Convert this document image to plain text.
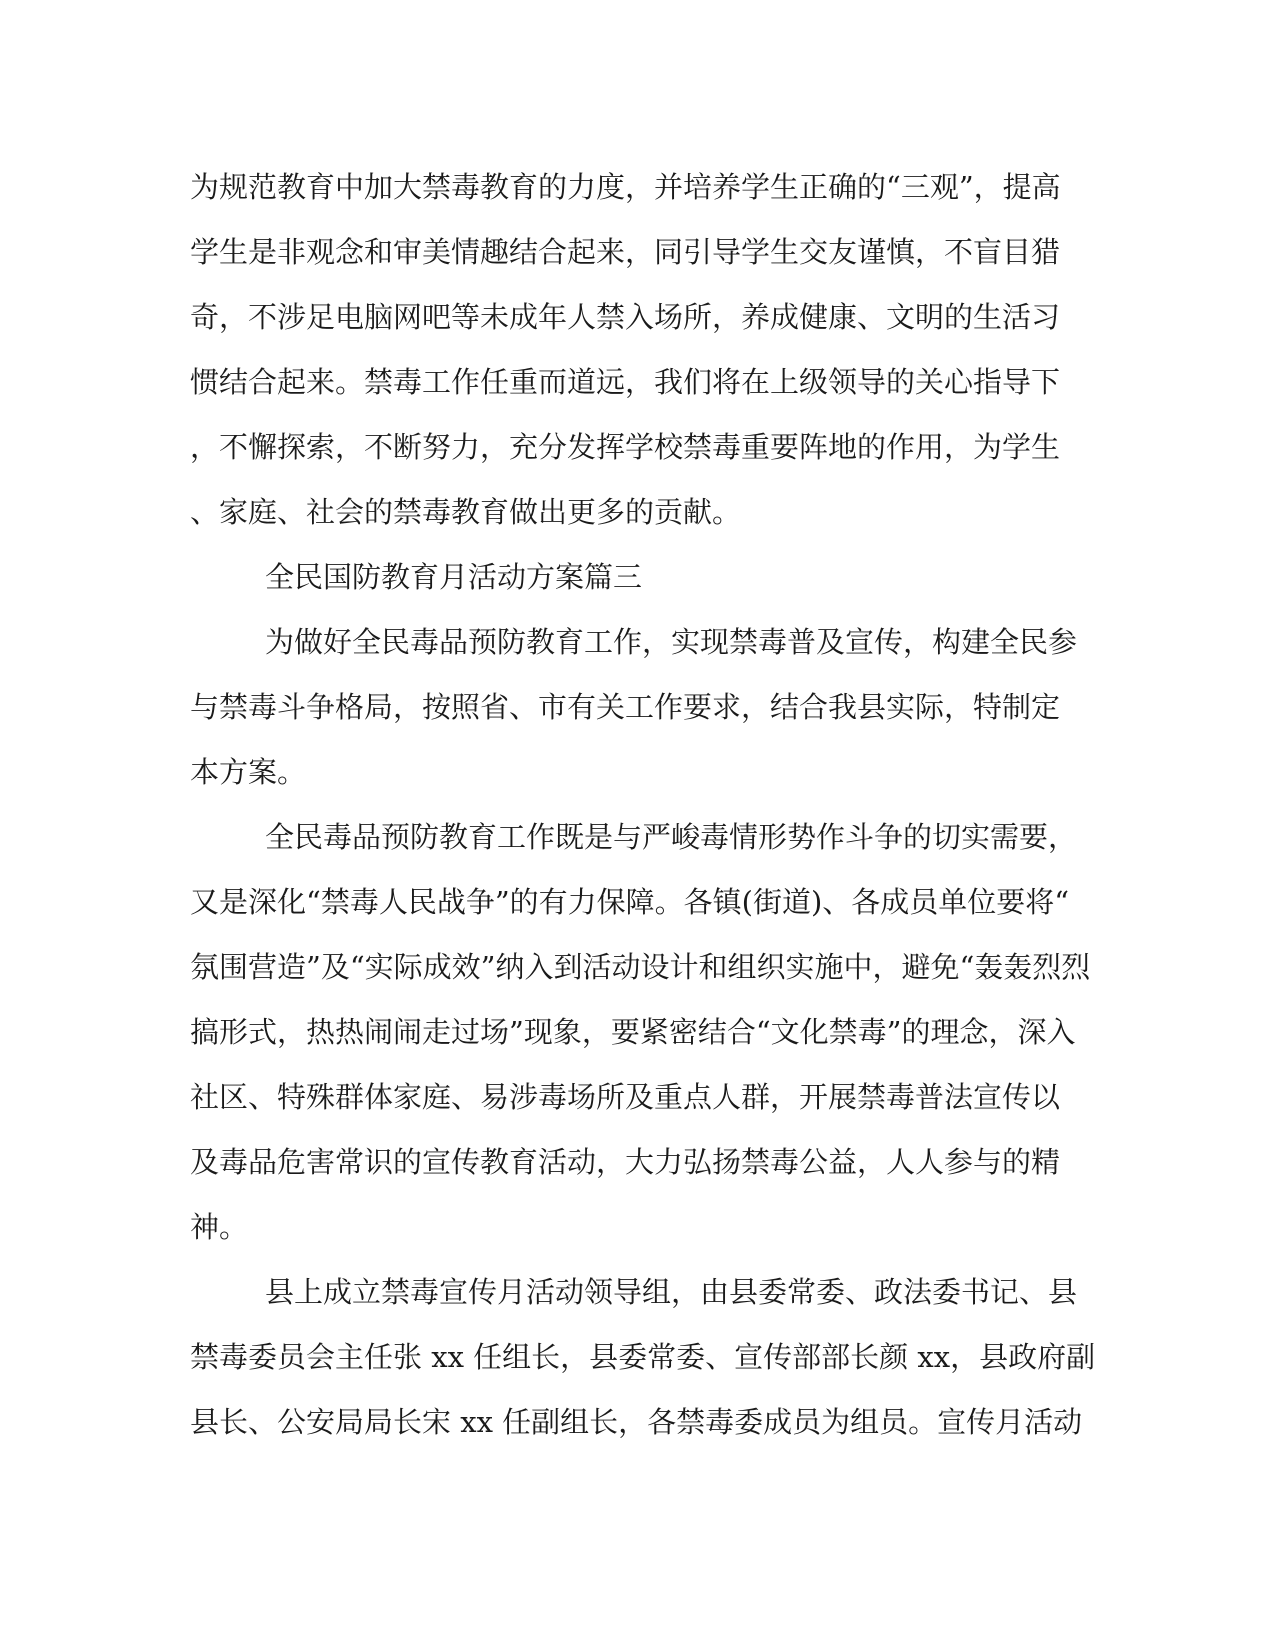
为规范教育中加大禁毒教育的力度，并培养学生正确的“三观”，提高
学生是非观念和审美情趣结合起来，同引导学生交友谨慎，不盲目猎
奇，不涉足电脑网吧等未成年人禁入场所，养成健康、文明的生活习
惯结合起来。禁毒工作任重而道远，我们将在上级领导的关心指导下
，不懈探索，不断努力，充分发挥学校禁毒重要阵地的作用，为学生
、家庭、社会的禁毒教育做出更多的贡献。
全民国防教育月活动方案篇三
为做好全民毒品预防教育工作，实现禁毒普及宣传，构建全民参
与禁毒斗争格局，按照省、市有关工作要求，结合我县实际，特制定
本方案。
全民毒品预防教育工作既是与严峻毒情形势作斗争的切实需要，
又是深化“禁毒人民战争”的有力保障。各镇(街道)、各成员单位要将“
氛围营造”及“实际成效”纳入到活动设计和组织实施中，避免“轰轰烈烈
搞形式，热热闹闹走过场”现象，要紧密结合“文化禁毒”的理念，深入
社区、特殊群体家庭、易涉毒场所及重点人群，开展禁毒普法宣传以
及毒品危害常识的宣传教育活动，大力弘扬禁毒公益，人人参与的精
神。
县上成立禁毒宣传月活动领导组，由县委常委、政法委书记、县
禁毒委员会主任张 xx 任组长，县委常委、宣传部部长颜 xx，县政府副
县长、公安局局长宋 xx 任副组长，各禁毒委成员为组员。宣传月活动
